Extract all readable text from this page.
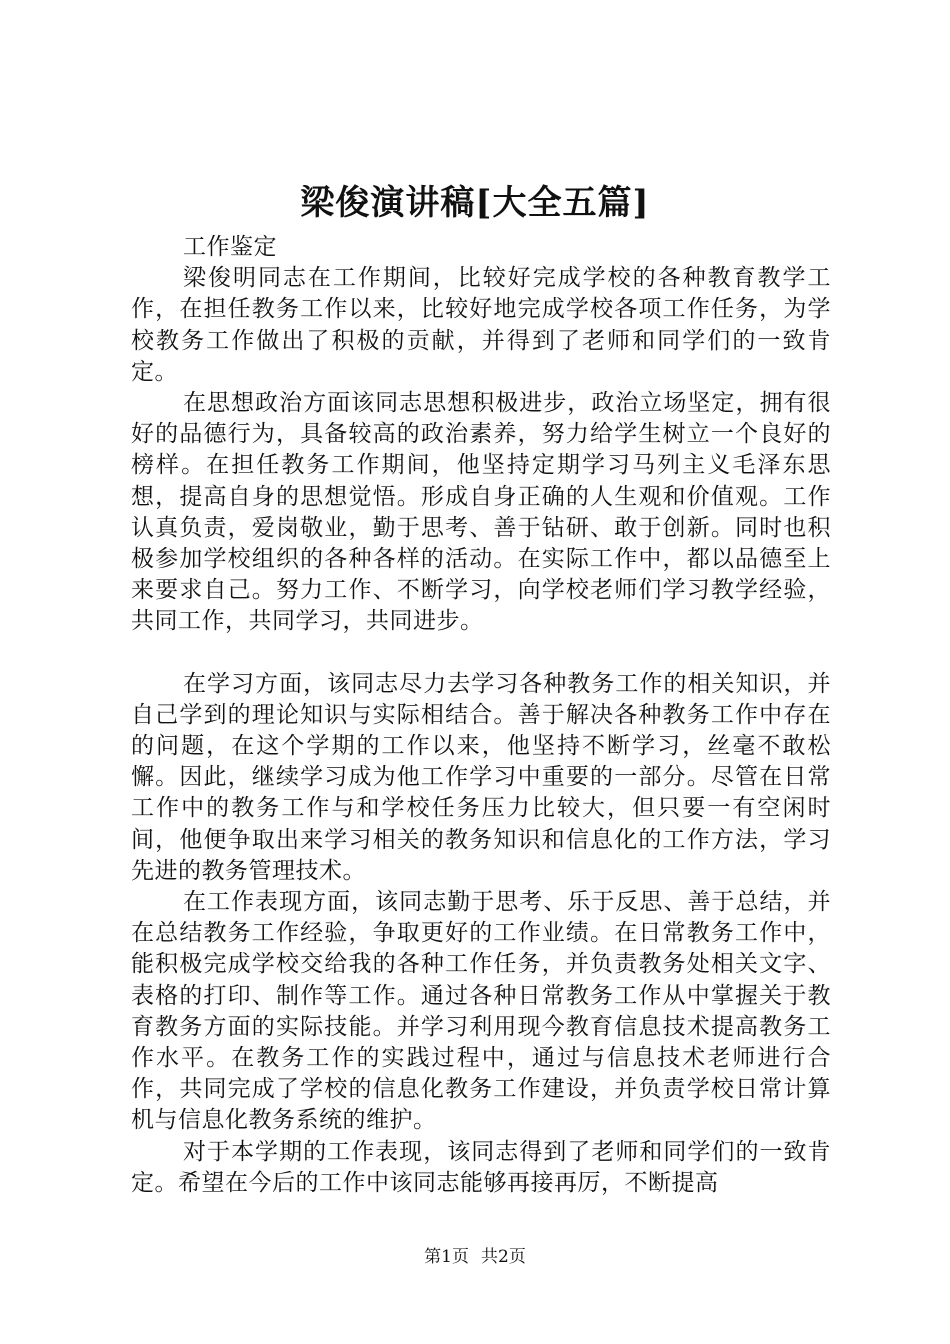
梁俊演讲稿[大全五篇]

工作鉴定

梁俊明同志在工作期间，比较好完成学校的各种教育教学工作，在担任教务工作以来，比较好地完成学校各项工作任务，为学校教务工作做出了积极的贡献，并得到了老师和同学们的一致肯定。

在思想政治方面该同志思想积极进步，政治立场坚定，拥有很好的品德行为，具备较高的政治素养，努力给学生树立一个良好的榜样。在担任教务工作期间，他坚持定期学习马列主义毛泽东思想，提高自身的思想觉悟。形成自身正确的人生观和价值观。工作认真负责，爱岗敬业，勤于思考、善于钻研、敢于创新。同时也积极参加学校组织的各种各样的活动。在实际工作中，都以品德至上来要求自己。努力工作、不断学习，向学校老师们学习教学经验，共同工作，共同学习，共同进步。

在学习方面，该同志尽力去学习各种教务工作的相关知识，并自己学到的理论知识与实际相结合。善于解决各种教务工作中存在的问题，在这个学期的工作以来，他坚持不断学习，丝毫不敢松懈。因此，继续学习成为他工作学习中重要的一部分。尽管在日常工作中的教务工作与和学校任务压力比较大，但只要一有空闲时间，他便争取出来学习相关的教务知识和信息化的工作方法，学习先进的教务管理技术。

在工作表现方面，该同志勤于思考、乐于反思、善于总结，并在总结教务工作经验，争取更好的工作业绩。在日常教务工作中，能积极完成学校交给我的各种工作任务，并负责教务处相关文字、表格的打印、制作等工作。通过各种日常教务工作从中掌握关于教育教务方面的实际技能。并学习利用现今教育信息技术提高教务工作水平。在教务工作的实践过程中，通过与信息技术老师进行合作，共同完成了学校的信息化教务工作建设，并负责学校日常计算机与信息化教务系统的维护。

对于本学期的工作表现，该同志得到了老师和同学们的一致肯定。希望在今后的工作中该同志能够再接再厉，不断提高

第1页 共2页
